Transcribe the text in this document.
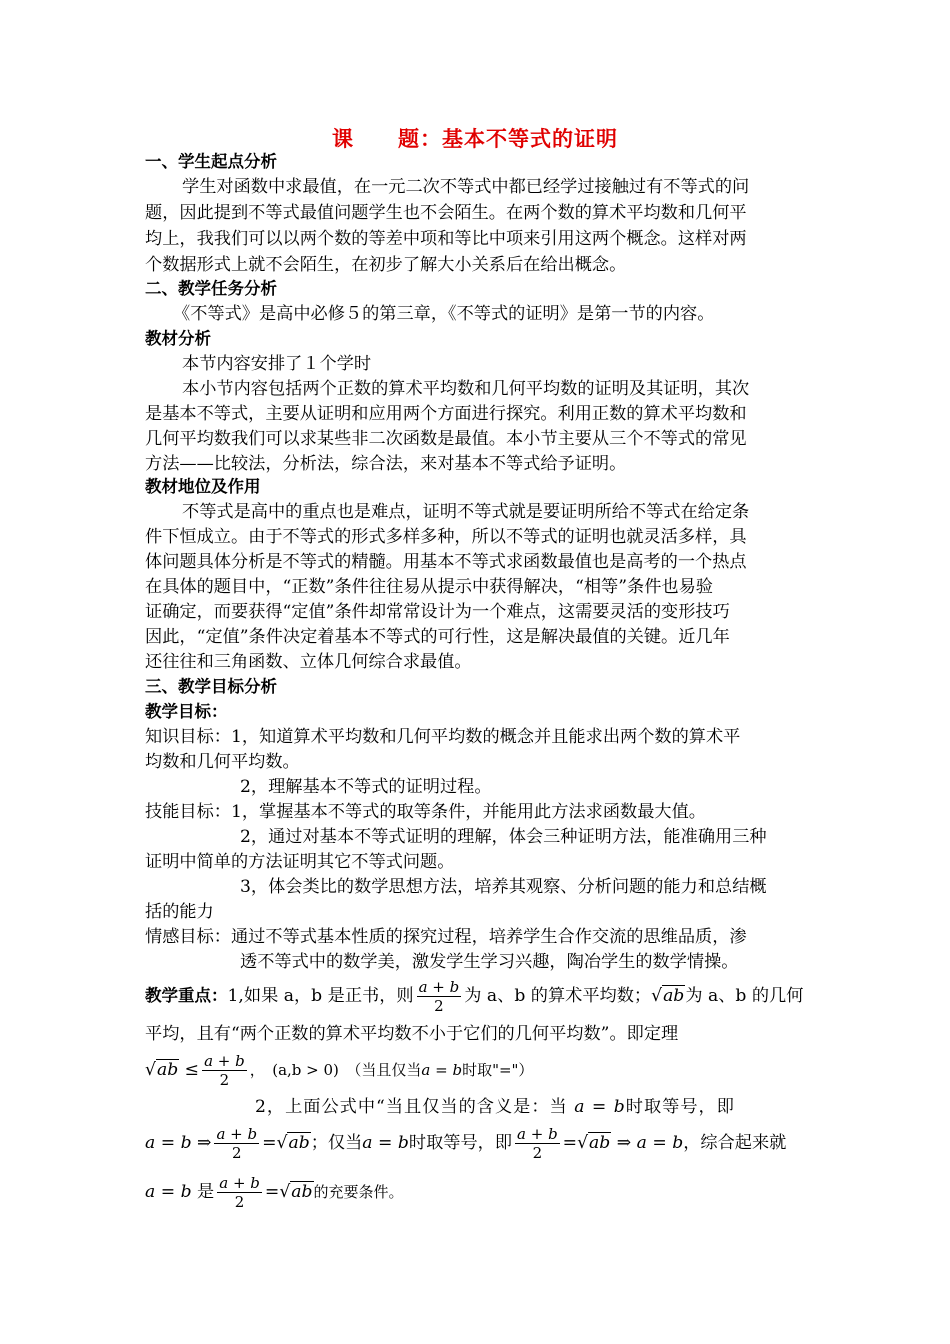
课　　题：基本不等式的证明
一、学生起点分析
学生对函数中求最值，在一元二次不等式中都已经学过接触过有不等式的问
题，因此提到不等式最值问题学生也不会陌生。在两个数的算术平均数和几何平
均上，我我们可以以两个数的等差中项和等比中项来引用这两个概念。这样对两
个数据形式上就不会陌生，在初步了解大小关系后在给出概念。
二、教学任务分析
《不等式》是高中必修５的第三章，《不等式的证明》是第一节的内容。
教材分析
本节内容安排了１个学时
本小节内容包括两个正数的算术平均数和几何平均数的证明及其证明，其次
是基本不等式，主要从证明和应用两个方面进行探究。利用正数的算术平均数和
几何平均数我们可以求某些非二次函数是最值。本小节主要从三个不等式的常见
方法——比较法，分析法，综合法，来对基本不等式给予证明。
教材地位及作用
不等式是高中的重点也是难点，证明不等式就是要证明所给不等式在给定条
件下恒成立。由于不等式的形式多样多种，所以不等式的证明也就灵活多样，具
体问题具体分析是不等式的精髓。用基本不等式求函数最值也是高考的一个热点
在具体的题目中，“正数”条件往往易从提示中获得解决，“相等”条件也易验
证确定，而要获得“定值”条件却常常设计为一个难点，这需要灵活的变形技巧
因此，“定值”条件决定着基本不等式的可行性，这是解决最值的关键。近几年
还往往和三角函数、立体几何综合求最值。
三、教学目标分析
教学目标：
知识目标：1，知道算术平均数和几何平均数的概念并且能求出两个数的算术平
均数和几何平均数。
2，理解基本不等式的证明过程。
技能目标：1，掌握基本不等式的取等条件，并能用此方法求函数最大值。
2，通过对基本不等式证明的理解，体会三种证明方法，能准确用三种
证明中简单的方法证明其它不等式问题。
3，体会类比的数学思想方法，培养其观察、分析问题的能力和总结概
括的能力
情感目标：通过不等式基本性质的探究过程，培养学生合作交流的思维品质，渗
透不等式中的数学美，激发学生学习兴趣，陶冶学生的数学情操。
教学重点：1,如果 a，b 是正书，则 $\frac{a + b}{2}$ 为 a、b 的算术平均数；√ab为 a、b 的几何
平均，且有“两个正数的算术平均数不小于它们的几何平均数”。即定理
$√ab \le \frac{a + b}{2}$ ，　(a,b > 0)　（当且仅当a = b时取"="）
2，上面公式中“当且仅当的含义是：当 a = b时取等号，即
a = b ⇒ $\frac{a + b}{2} =√ab$；仅当a = b时取等号，即 $\frac{a + b}{2} =√ab$ ⇒ a = b，综合起来就
a = b 是 $\frac{a + b}{2} =√ab$的充要条件。
